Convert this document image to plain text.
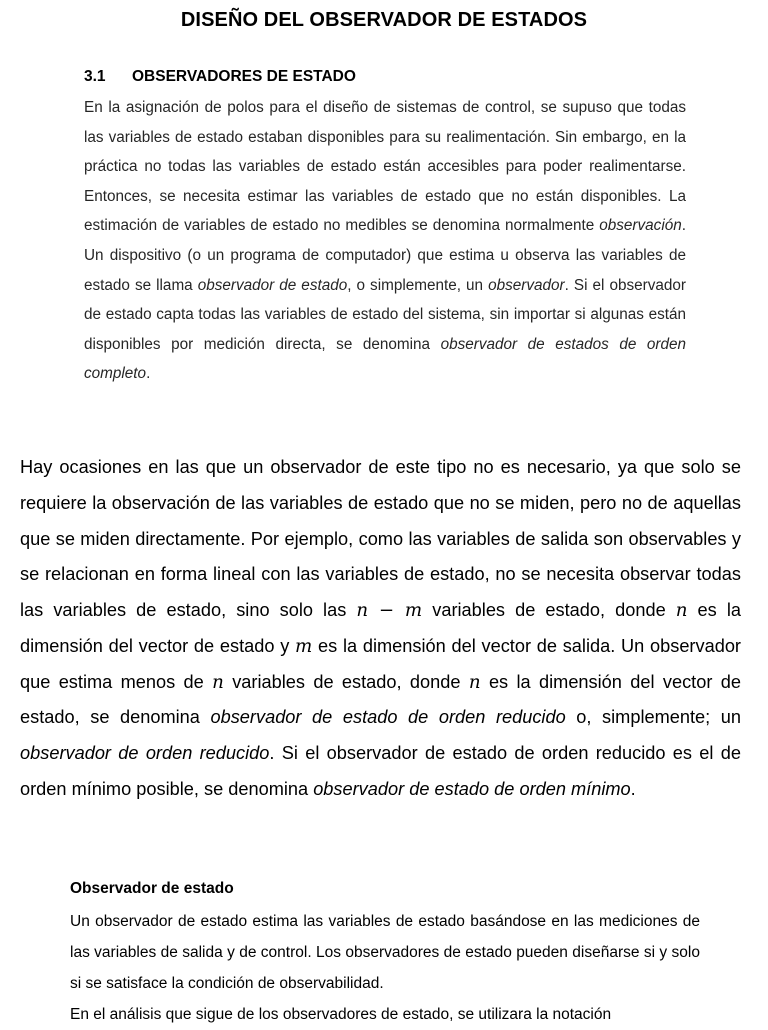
DISEÑO DEL OBSERVADOR DE ESTADOS
3.1 OBSERVADORES DE ESTADO

En la asignación de polos para el diseño de sistemas de control, se supuso que todas las variables de estado estaban disponibles para su realimentación. Sin embargo, en la práctica no todas las variables de estado están accesibles para poder realimentarse. Entonces, se necesita estimar las variables de estado que no están disponibles. La estimación de variables de estado no medibles se denomina normalmente observación. Un dispositivo (o un programa de computador) que estima u observa las variables de estado se llama observador de estado, o simplemente, un observador. Si el observador de estado capta todas las variables de estado del sistema, sin importar si algunas están disponibles por medición directa, se denomina observador de estados de orden completo.

Hay ocasiones en las que un observador de este tipo no es necesario, ya que solo se requiere la observación de las variables de estado que no se miden, pero no de aquellas que se miden directamente. Por ejemplo, como las variables de salida son observables y se relacionan en forma lineal con las variables de estado, no se necesita observar todas las variables de estado, sino solo las n − m variables de estado, donde n es la dimensión del vector de estado y m es la dimensión del vector de salida. Un observador que estima menos de n variables de estado, donde n es la dimensión del vector de estado, se denomina observador de estado de orden reducido o, simplemente; un observador de orden reducido. Si el observador de estado de orden reducido es el de orden mínimo posible, se denomina observador de estado de orden mínimo.

Observador de estado

Un observador de estado estima las variables de estado basándose en las mediciones de las variables de salida y de control. Los observadores de estado pueden diseñarse si y solo si se satisface la condición de observabilidad.

En el análisis que sigue de los observadores de estado, se utilizara la notación
